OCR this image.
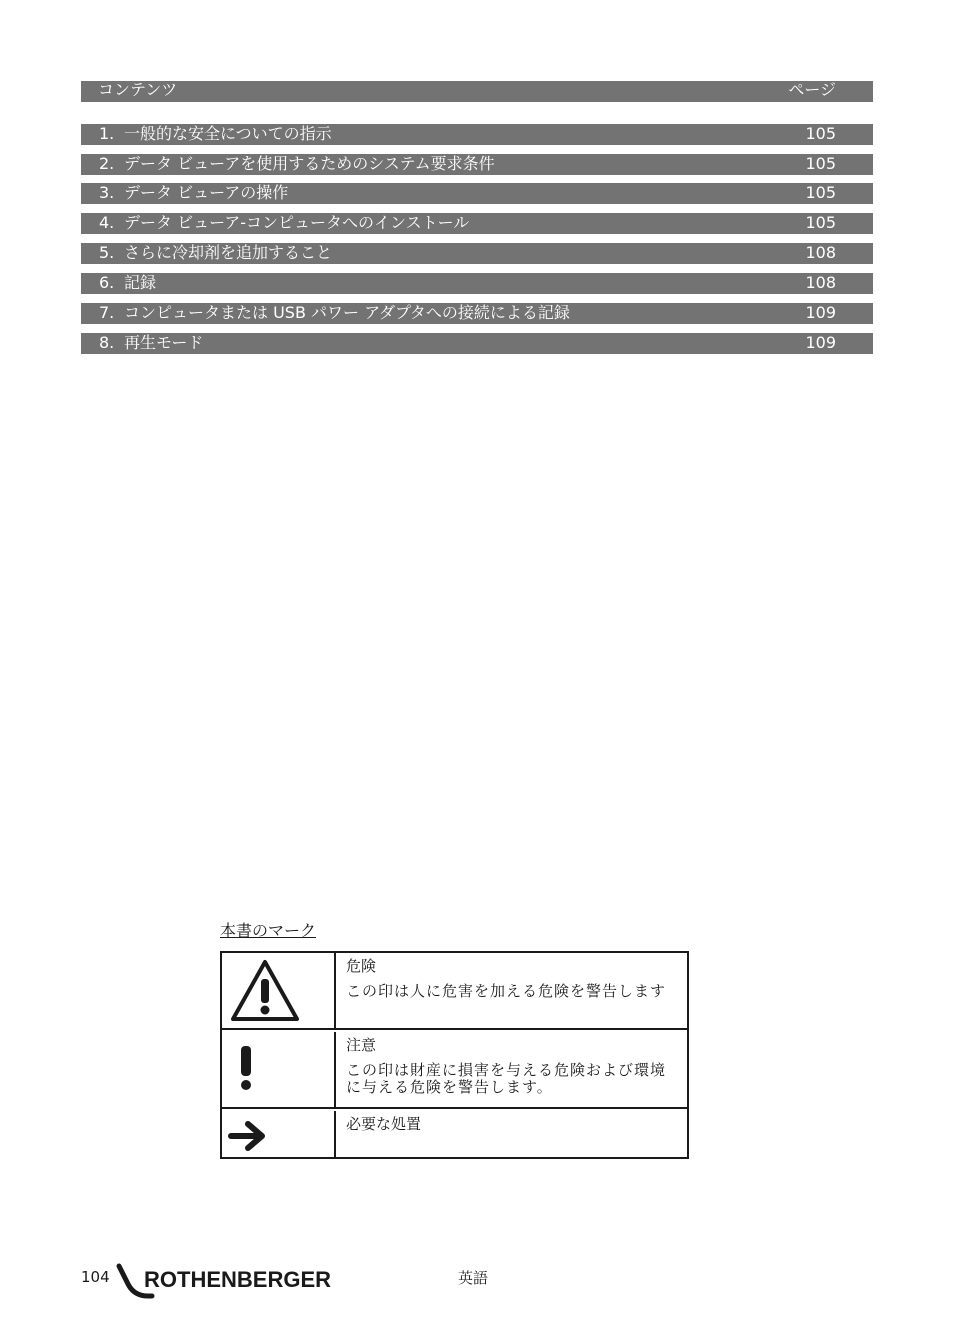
コンテンツ	ページ
1. 一般的な安全についての指示	105
2. データ ビューアを使用するためのシステム要求条件	105
3. データ ビューアの操作	105
4. データ ビューア-コンピュータへのインストール	105
5. さらに冷却剤を追加すること	108
6. 記録	108
7. コンピュータまたは USB パワー アダプタへの接続による記録	109
8. 再生モード	109
本書のマーク
危険
この印は人に危害を加える危険を警告します
注意
この印は財産に損害を与える危険および環境に与える危険を警告します。
必要な処置
104 ROTHENBERGER	英語
